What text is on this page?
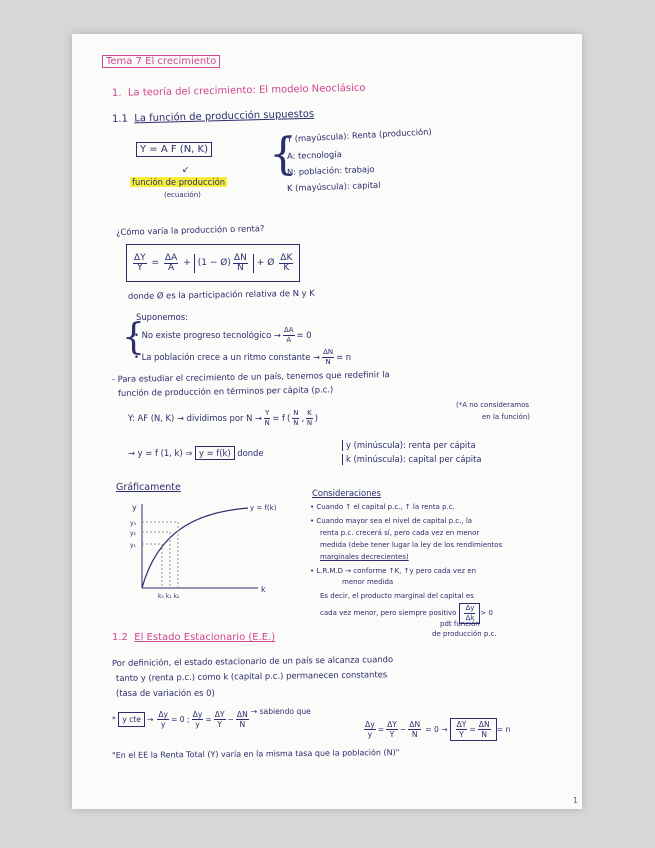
Tema 7 El crecimiento
1. La teoría del crecimiento: El modelo Neoclásico
1.1 La función de producción supuestos
Y = A F (N, K)
↙
función de producción
(ecuación)
{
Y (mayúscula): Renta (producción)
A: tecnología
N: población: trabajo
K (mayúscula): capital
¿Cómo varía la producción o renta?
$\frac{\Delta Y}{Y} = \frac{\Delta A}{A} + (1$ − Ø) $\frac{\Delta N}{N}$ + Ø $\frac{\Delta K}{K}$
donde Ø es la participación relativa de N y K
Suponemos:
{
• No existe progreso tecnológico → $\frac{\Delta A}{A} = 0$
• La población crece a un ritmo constante → $\frac{\Delta N}{N} = n$
- Para estudiar el crecimiento de un país, tenemos que redefinir la
función de producción en términos per cápita (p.c.)
Y: AF (N, K) → dividimos por $N \to \frac{Y}{N} = f$ ( $\frac{N}{N}$ , $\frac{K}{N}$ )
(*A no consideramos
en la función)
→ y = f (1, k) ⇒ y = f(k) donde
y (minúscula): renta per cápita
k (minúscula): capital per cápita
Gráficamente
y
k
y₃
y₂
y₁
k₀ k₁ k₂
y = f(k)
Consideraciones
• Cuando ↑ el capital p.c., ↑ la renta p.c.
• Cuando mayor sea el nivel de capital p.c., la
renta p.c. crecerá sí, pero cada vez en menor
medida (debe tener lugar la ley de los rendimientos
marginales decrecientes)
• L.R.M.D → conforme ↑K, ↑y pero cada vez en
menor medida
Es decir, el producto marginal del capital es
cada vez menor, pero siempre positivo $\frac{\Delta y}{\Delta k} > 0$
pdt función
de producción p.c.
1.2 El Estado Estacionario (E.E.)
Por definición, el estado estacionario de un país se alcanza cuando
tanto y (renta p.c.) como k (capital p.c.) permanecen constantes
(tasa de variación es 0)
*
y cte → $\frac{\Delta y}{y} = 0$ ; $\frac{\Delta y}{y} = \frac{\Delta Y}{Y} - \frac{\Delta N}{N}$ → sabiendo que
$\frac{\Delta y}{y} = \frac{\Delta Y}{Y} - \frac{\Delta N}{N} = 0 \to \frac{\Delta Y}{Y} = \frac{\Delta N}{N} = n$
"En el EE la Renta Total (Y) varía en la misma tasa que la población (N)"
1
